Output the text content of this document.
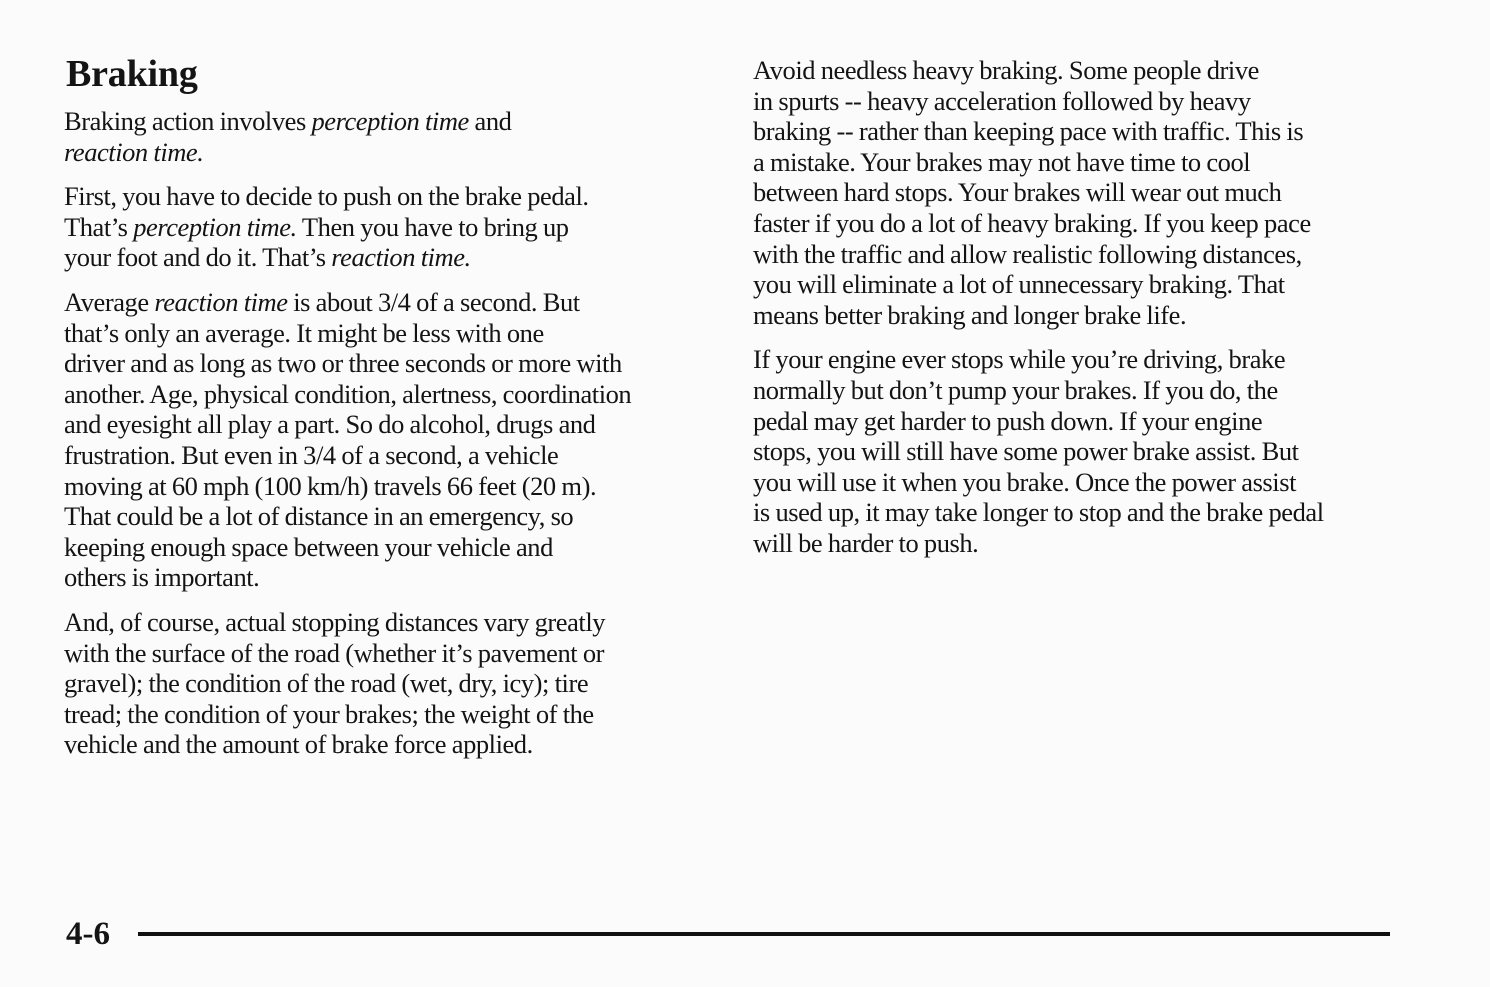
Braking

Braking action involves perception time and
reaction time.

First, you have to decide to push on the brake pedal.
That’s perception time. Then you have to bring up
your foot and do it. That’s reaction time.

Average reaction time is about 3/4 of a second. But
that’s only an average. It might be less with one
driver and as long as two or three seconds or more with
another. Age, physical condition, alertness, coordination
and eyesight all play a part. So do alcohol, drugs and
frustration. But even in 3/4 of a second, a vehicle
moving at 60 mph (100 km/h) travels 66 feet (20 m).
That could be a lot of distance in an emergency, so
keeping enough space between your vehicle and
others is important.

And, of course, actual stopping distances vary greatly
with the surface of the road (whether it’s pavement or
gravel); the condition of the road (wet, dry, icy); tire
tread; the condition of your brakes; the weight of the
vehicle and the amount of brake force applied.

Avoid needless heavy braking. Some people drive
in spurts -- heavy acceleration followed by heavy
braking -- rather than keeping pace with traffic. This is
a mistake. Your brakes may not have time to cool
between hard stops. Your brakes will wear out much
faster if you do a lot of heavy braking. If you keep pace
with the traffic and allow realistic following distances,
you will eliminate a lot of unnecessary braking. That
means better braking and longer brake life.

If your engine ever stops while you’re driving, brake
normally but don’t pump your brakes. If you do, the
pedal may get harder to push down. If your engine
stops, you will still have some power brake assist. But
you will use it when you brake. Once the power assist
is used up, it may take longer to stop and the brake pedal
will be harder to push.

4-6
